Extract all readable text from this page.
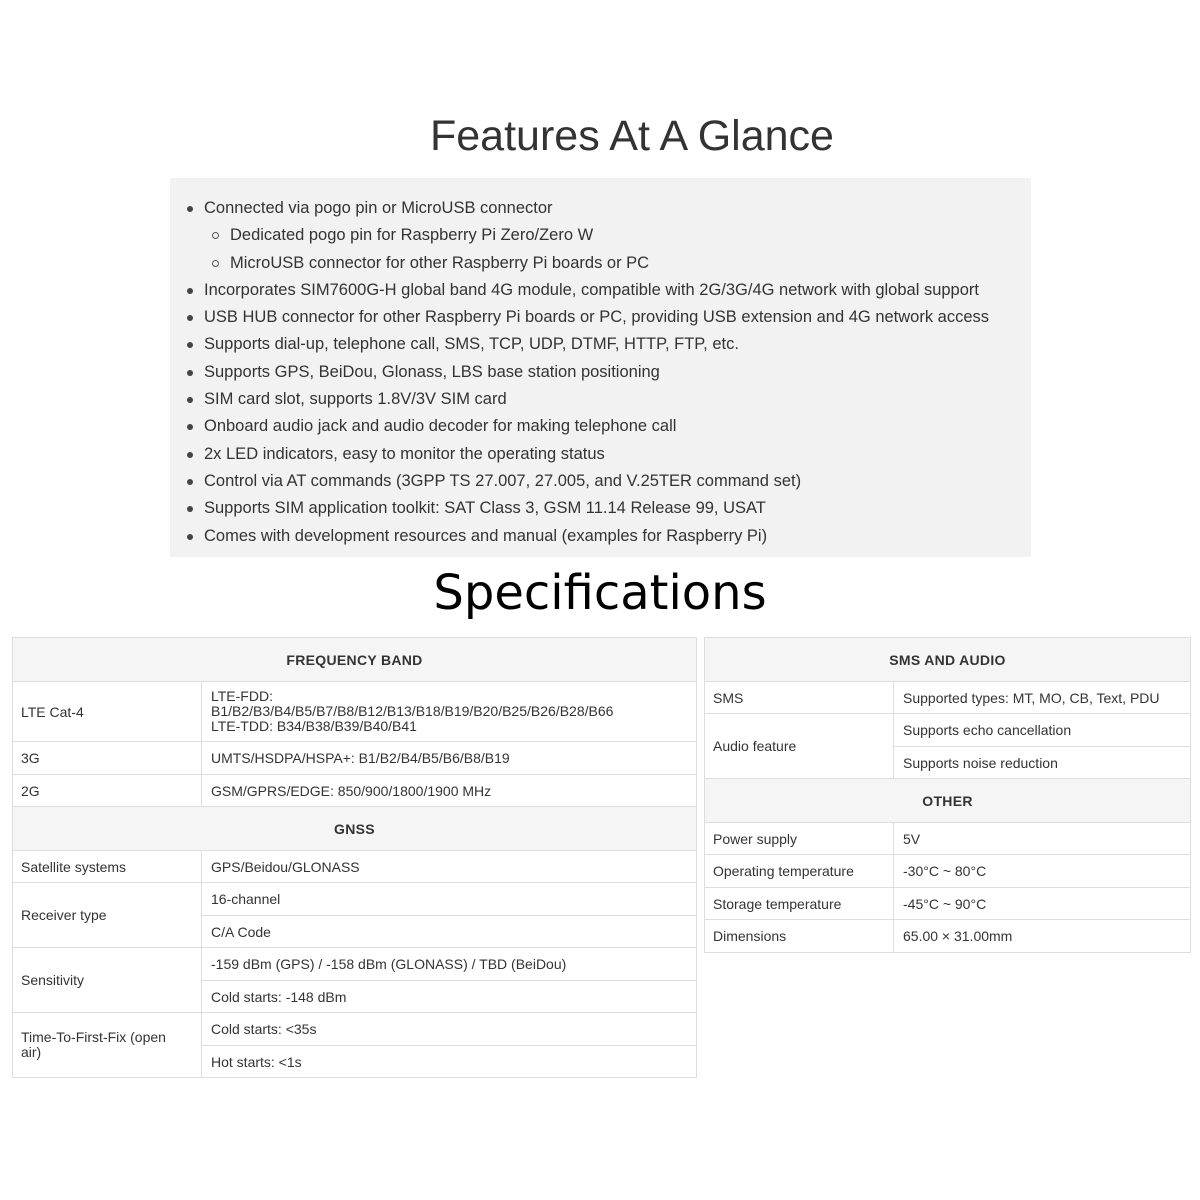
Features At A Glance
Connected via pogo pin or MicroUSB connector
Dedicated pogo pin for Raspberry Pi Zero/Zero W
MicroUSB connector for other Raspberry Pi boards or PC
Incorporates SIM7600G-H global band 4G module, compatible with 2G/3G/4G network with global support
USB HUB connector for other Raspberry Pi boards or PC, providing USB extension and 4G network access
Supports dial-up, telephone call, SMS, TCP, UDP, DTMF, HTTP, FTP, etc.
Supports GPS, BeiDou, Glonass, LBS base station positioning
SIM card slot, supports 1.8V/3V SIM card
Onboard audio jack and audio decoder for making telephone call
2x LED indicators, easy to monitor the operating status
Control via AT commands (3GPP TS 27.007, 27.005, and V.25TER command set)
Supports SIM application toolkit: SAT Class 3, GSM 11.14 Release 99, USAT
Comes with development resources and manual (examples for Raspberry Pi)
Specifications
FREQUENCY BAND	
LTE Cat-4	LTE-FDD:
B1/B2/B3/B4/B5/B7/B8/B12/B13/B18/B19/B20/B25/B26/B28/B66
LTE-TDD: B34/B38/B39/B40/B41

3G	UMTS/HSDPA/HSPA+: B1/B2/B4/B5/B6/B8/B19
2G	GSM/GPRS/EDGE: 850/900/1800/1900 MHz
GNSS	
Satellite systems	GPS/Beidou/GLONASS
Receiver type	16-channel
	C/A Code
Sensitivity	-159 dBm (GPS) / -158 dBm (GLONASS) / TBD (BeiDou)
	Cold starts: -148 dBm

Time-To-First-Fix (open
air)	Cold starts: <35s
	Hot starts: <1s
SMS AND AUDIO	
SMS	Supported types: MT, MO, CB, Text, PDU
Audio feature	Supports echo cancellation
	Supports noise reduction
OTHER	
Power supply	5V
Operating temperature	-30°C ~ 80°C
Storage temperature	-45°C ~ 90°C
Dimensions	65.00 × 31.00mm
